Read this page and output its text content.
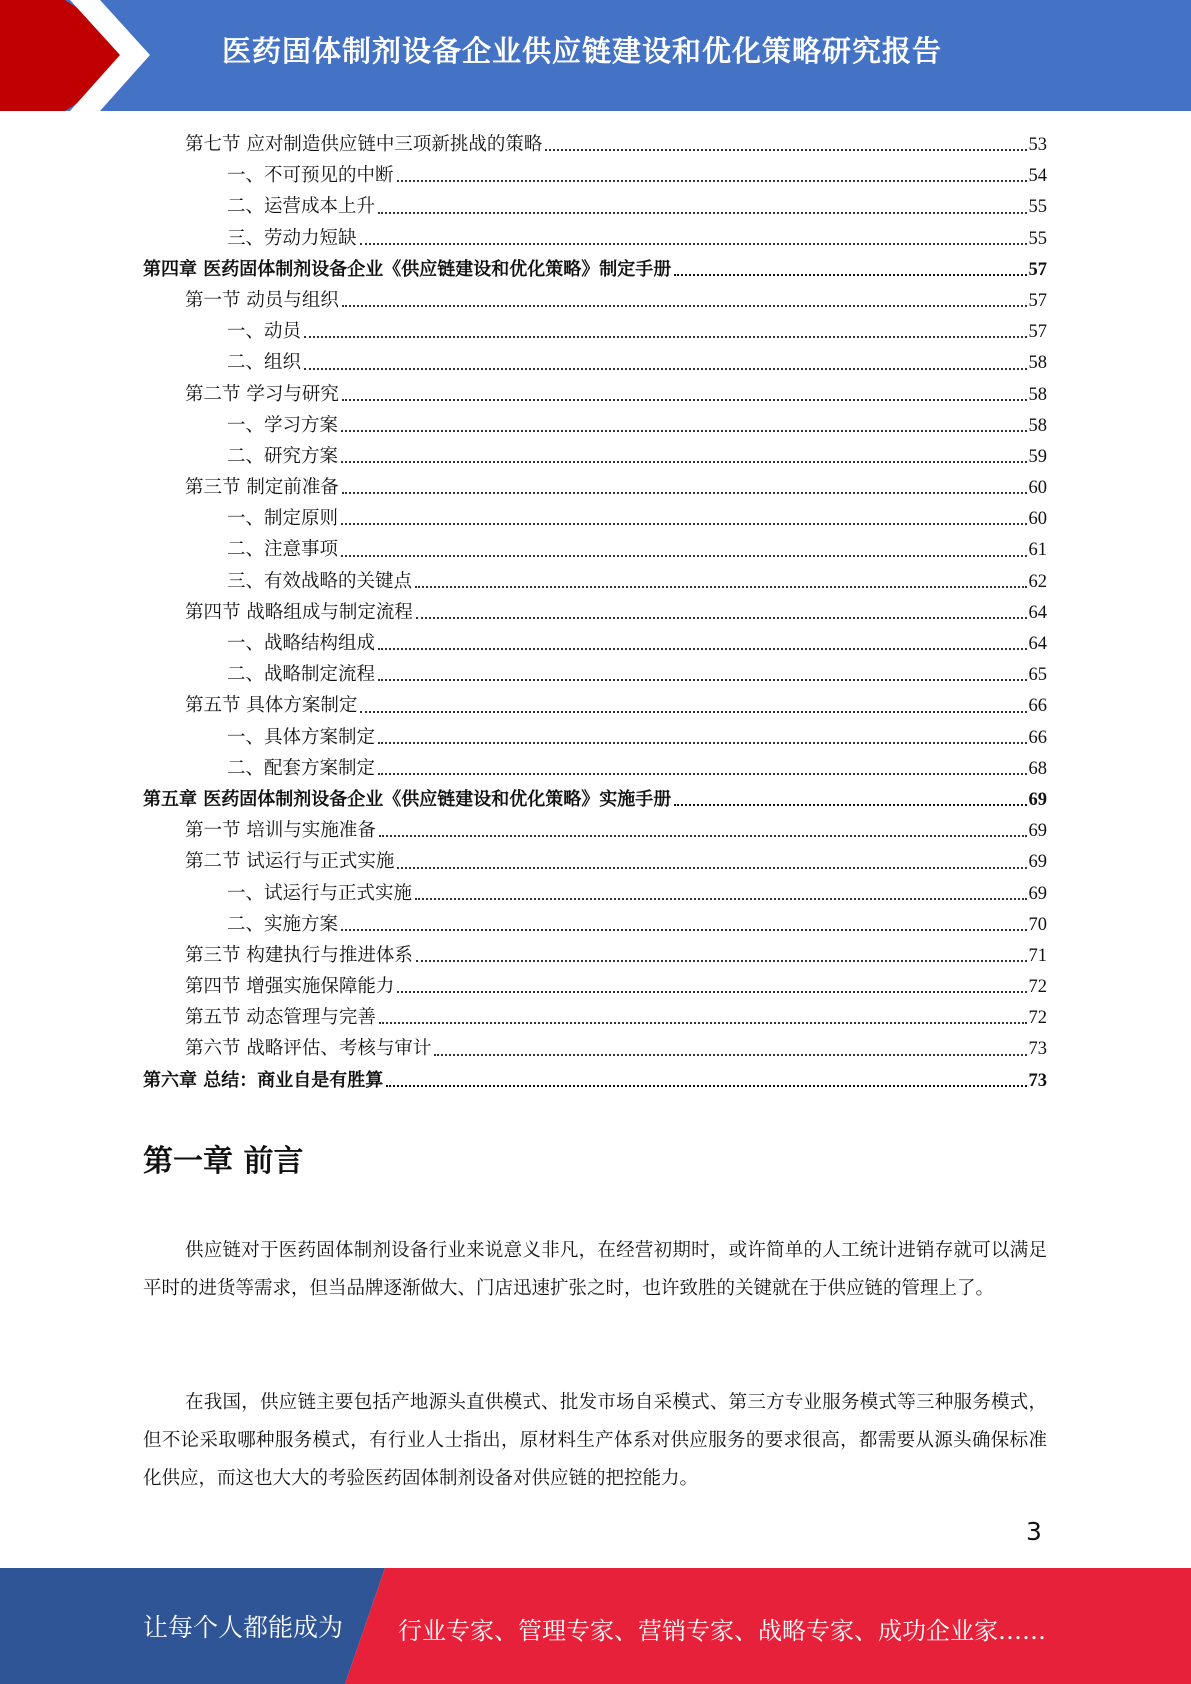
医药固体制剂设备企业供应链建设和优化策略研究报告
第七节 应对制造供应链中三项新挑战的策略	53
一、不可预见的中断	54
二、运营成本上升	55
三、劳动力短缺	55
第四章 医药固体制剂设备企业《供应链建设和优化策略》制定手册	57
第一节 动员与组织	57
一、动员	57
二、组织	58
第二节 学习与研究	58
一、学习方案	58
二、研究方案	59
第三节 制定前准备	60
一、制定原则	60
二、注意事项	61
三、有效战略的关键点	62
第四节 战略组成与制定流程	64
一、战略结构组成	64
二、战略制定流程	65
第五节 具体方案制定	66
一、具体方案制定	66
二、配套方案制定	68
第五章 医药固体制剂设备企业《供应链建设和优化策略》实施手册	69
第一节 培训与实施准备	69
第二节 试运行与正式实施	69
一、试运行与正式实施	69
二、实施方案	70
第三节 构建执行与推进体系	71
第四节 增强实施保障能力	72
第五节 动态管理与完善	72
第六节 战略评估、考核与审计	73
第六章 总结：商业自是有胜算	73
第一章 前言

供应链对于医药固体制剂设备行业来说意义非凡，在经营初期时，或许简单的人工统计进销存就可以满足平时的进货等需求，但当品牌逐渐做大、门店迅速扩张之时，也许致胜的关键就在于供应链的管理上了。

在我国，供应链主要包括产地源头直供模式、批发市场自采模式、第三方专业服务模式等三种服务模式，但不论采取哪种服务模式，有行业人士指出，原材料生产体系对供应服务的要求很高，都需要从源头确保标准化供应，而这也大大的考验医药固体制剂设备对供应链的把控能力。

3
让每个人都能成为 行业专家、管理专家、营销专家、战略专家、成功企业家……
